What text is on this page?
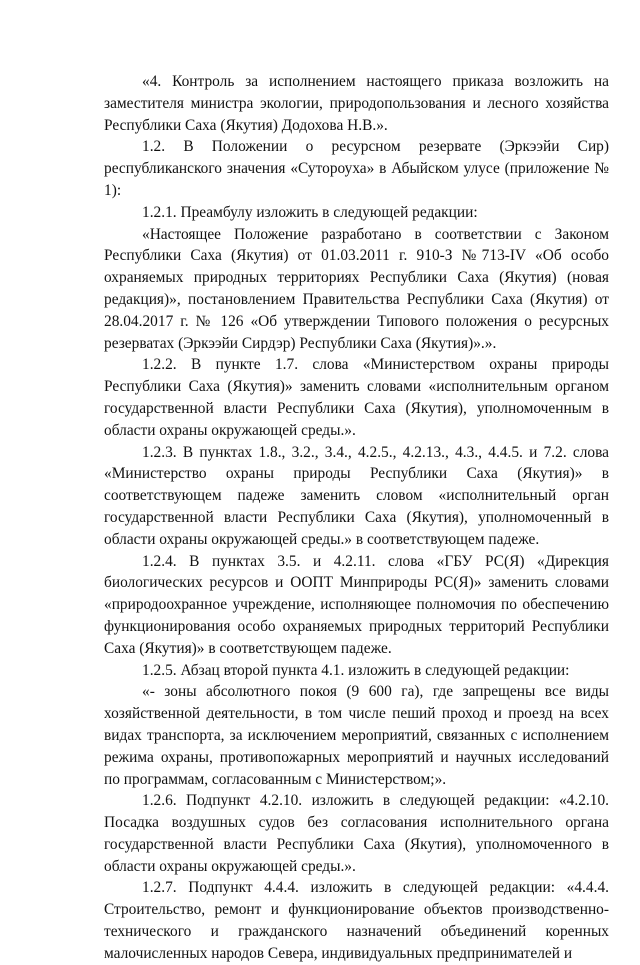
«4. Контроль за исполнением настоящего приказа возложить на заместителя министра экологии, природопользования и лесного хозяйства Республики Саха (Якутия) Додохова Н.В.».

1.2. В Положении о ресурсном резервате (Эркээйи Сир) республиканского значения «Сутороуха» в Абыйском улусе (приложение № 1):

1.2.1. Преамбулу изложить в следующей редакции:

«Настоящее Положение разработано в соответствии с Законом Республики Саха (Якутия) от 01.03.2011 г. 910-З №713-IV «Об особо охраняемых природных территориях Республики Саха (Якутия) (новая редакция)», постановлением Правительства Республики Саха (Якутия) от 28.04.2017 г. № 126 «Об утверждении Типового положения о ресурсных резерватах (Эркээйи Сирдэр) Республики Саха (Якутия)».».

1.2.2. В пункте 1.7. слова «Министерством охраны природы Республики Саха (Якутия)» заменить словами «исполнительным органом государственной власти Республики Саха (Якутия), уполномоченным в области охраны окружающей среды.».

1.2.3. В пунктах 1.8., 3.2., 3.4., 4.2.5., 4.2.13., 4.3., 4.4.5. и 7.2. слова «Министерство охраны природы Республики Саха (Якутия)» в соответствующем падеже заменить словом «исполнительный орган государственной власти Республики Саха (Якутия), уполномоченный в области охраны окружающей среды.» в соответствующем падеже.

1.2.4. В пунктах 3.5. и 4.2.11. слова «ГБУ РС(Я) «Дирекция биологических ресурсов и ООПТ Минприроды РС(Я)» заменить словами «природоохранное учреждение, исполняющее полномочия по обеспечению функционирования особо охраняемых природных территорий Республики Саха (Якутия)» в соответствующем падеже.

1.2.5. Абзац второй пункта 4.1. изложить в следующей редакции:

«- зоны абсолютного покоя (9 600 га), где запрещены все виды хозяйственной деятельности, в том числе пеший проход и проезд на всех видах транспорта, за исключением мероприятий, связанных с исполнением режима охраны, противопожарных мероприятий и научных исследований по программам, согласованным с Министерством;».

1.2.6. Подпункт 4.2.10. изложить в следующей редакции: «4.2.10. Посадка воздушных судов без согласования исполнительного органа государственной власти Республики Саха (Якутия), уполномоченного в области охраны окружающей среды.».

1.2.7. Подпункт 4.4.4. изложить в следующей редакции: «4.4.4. Строительство, ремонт и функционирование объектов производственно-технического и гражданского назначений объединений коренных малочисленных народов Севера, индивидуальных предпринимателей и
